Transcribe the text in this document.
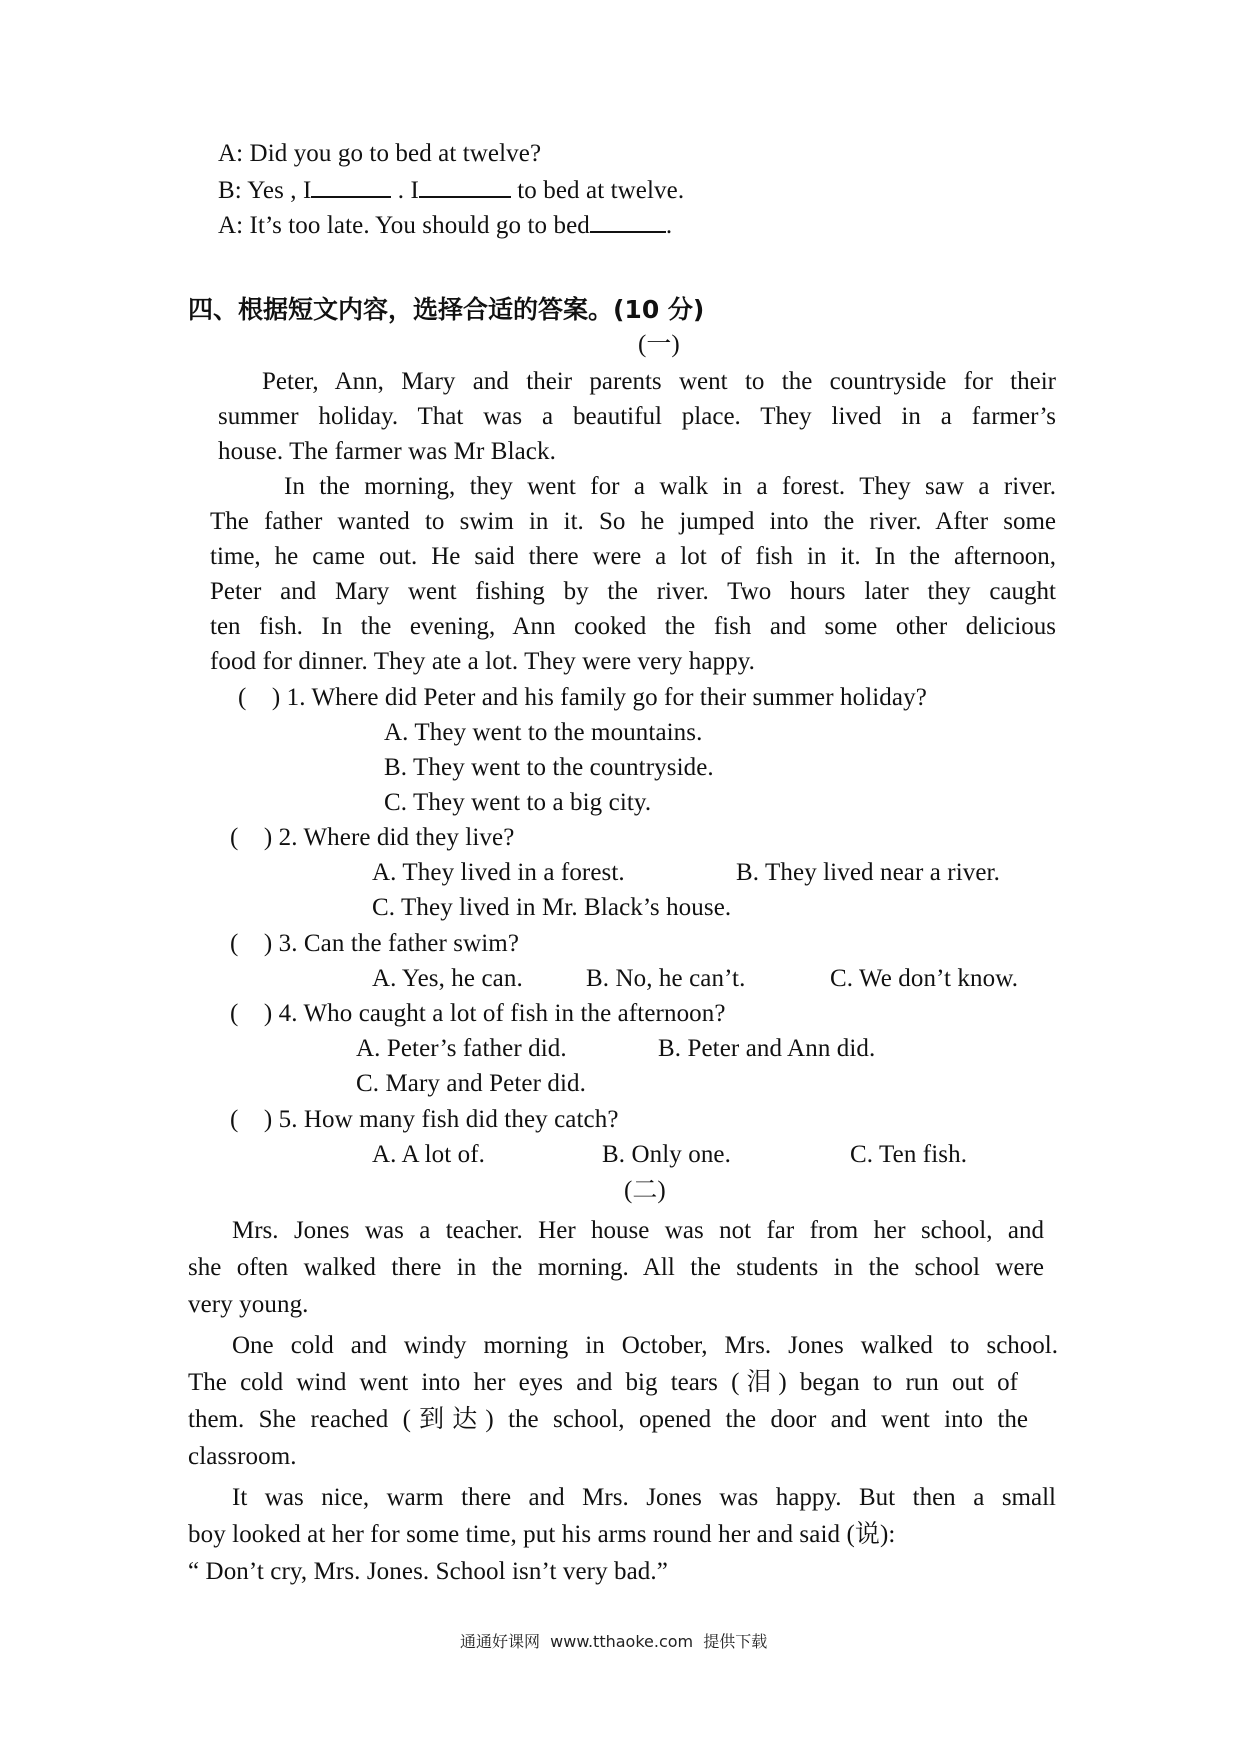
A: Did you go to bed at twelve?
B: Yes , I	. I	to bed at twelve.
A: It’s too late. You should go to bed	.
四、根据短文内容，选择合适的答案。(10 分)
(一)
Peter, Ann, Mary and their parents went to the countryside for their
summer holiday. That was a beautiful place. They lived in a farmer’s
house. The farmer was Mr Black.
In the morning, they went for a walk in a forest. They saw a river.
The father wanted to swim in it. So he jumped into the river. After some
time, he came out. He said there were a lot of fish in it. In the afternoon,
Peter and Mary went fishing by the river. Two hours later they caught
ten fish. In the evening, Ann cooked the fish and some other delicious
food for dinner. They ate a lot. They were very happy.
(    ) 1. Where did Peter and his family go for their summer holiday?
A. They went to the mountains.
B. They went to the countryside.
C. They went to a big city.
(    ) 2. Where did they live?
A. They lived in a forest.	B. They lived near a river.
C. They lived in Mr. Black’s house.
(    ) 3. Can the father swim?
A. Yes, he can.	B. No, he can’t.	C. We don’t know.
(    ) 4. Who caught a lot of fish in the afternoon?
A. Peter’s father did.	B. Peter and Ann did.
C. Mary and Peter did.
(    ) 5. How many fish did they catch?
A. A lot of.	B. Only one.	C. Ten fish.
(二)
Mrs. Jones was a teacher. Her house was not far from her school, and
she often walked there in the morning. All the students in the school were
very young.
One cold and windy morning in October, Mrs. Jones walked to school.
The cold wind went into her eyes and big tears (泪) began to run out of
them. She reached (到达) the school, opened the door and went into the
classroom.
It was nice, warm there and Mrs. Jones was happy. But then a small
boy looked at her for some time, put his arms round her and said (说):
“ Don’t cry, Mrs. Jones. School isn’t very bad.”
通通好课网  www.tthaoke.com  提供下载
